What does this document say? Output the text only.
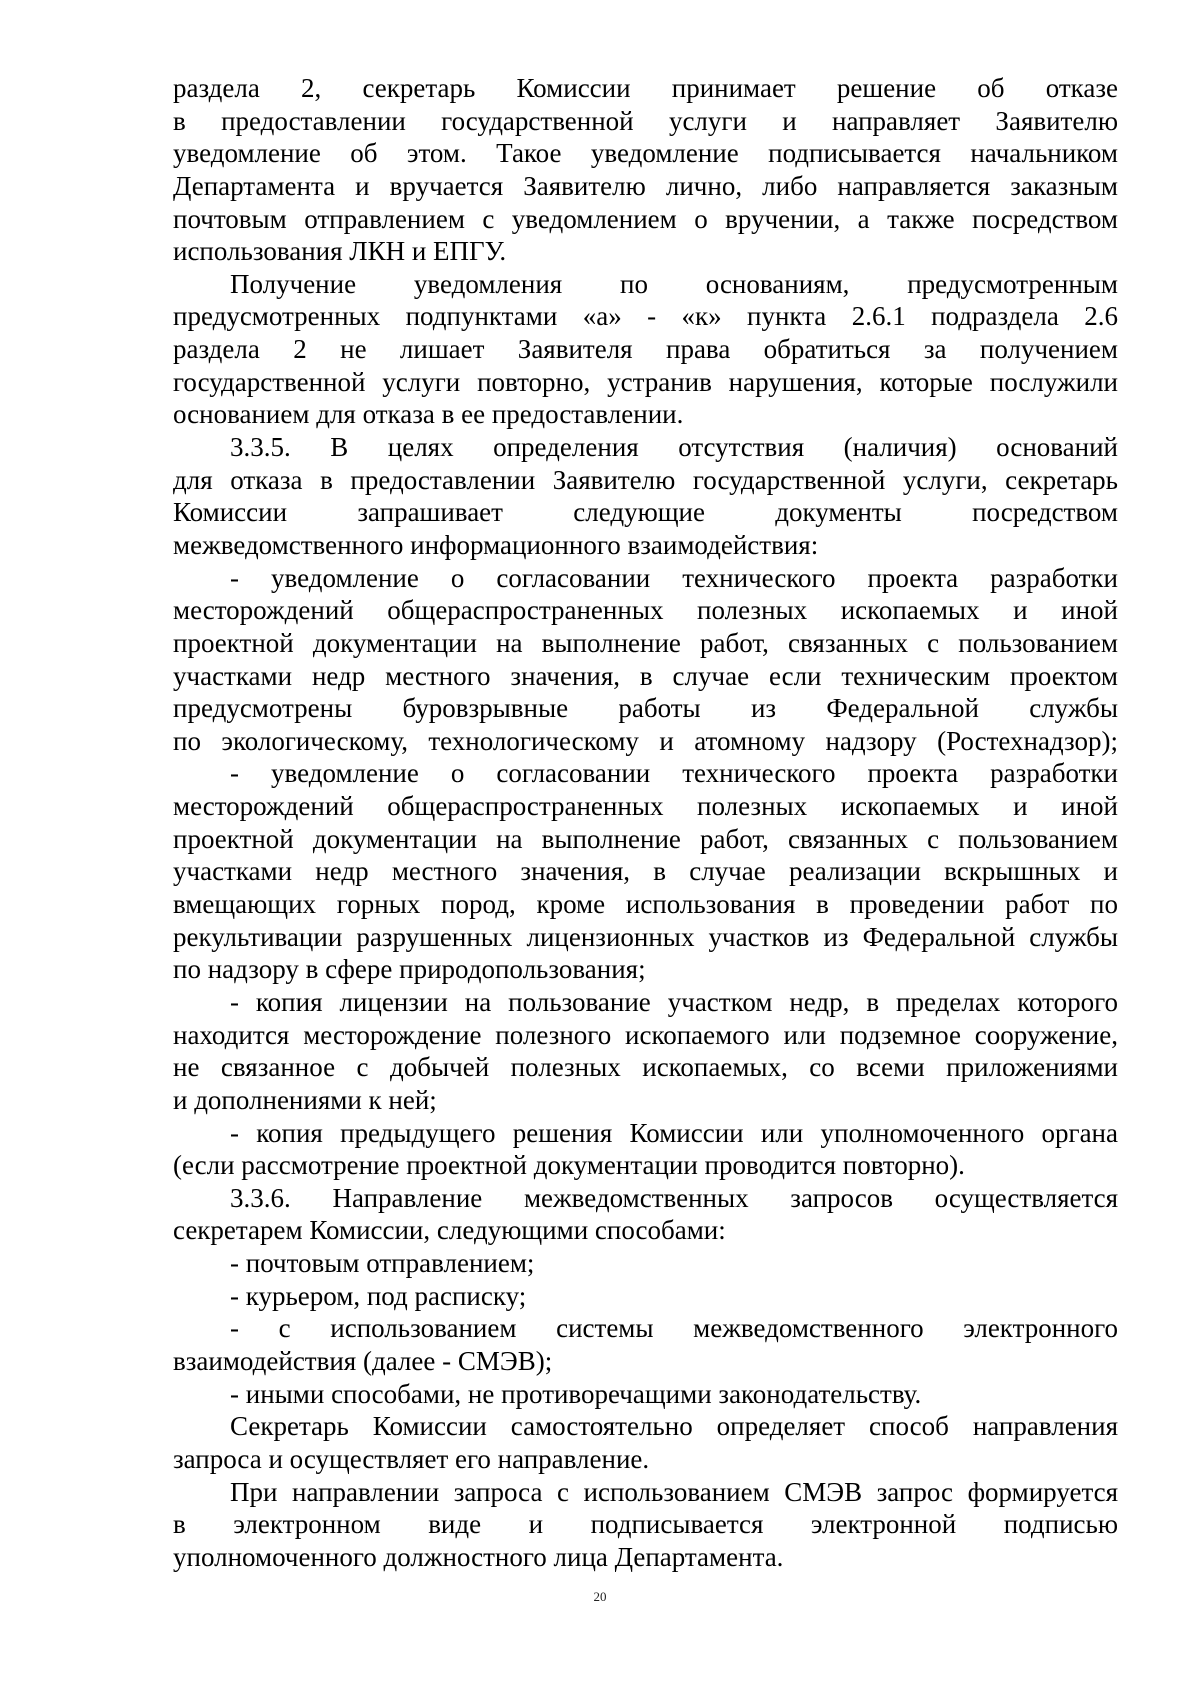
раздела 2, секретарь Комиссии принимает решение об отказе
в предоставлении государственной услуги и направляет Заявителю
уведомление об этом. Такое уведомление подписывается начальником
Департамента и вручается Заявителю лично, либо направляется заказным
почтовым отправлением с уведомлением о вручении, а также посредством
использования ЛКН и ЕПГУ.
Получение уведомления по основаниям, предусмотренным
предусмотренных подпунктами «а» - «к» пункта 2.6.1 подраздела 2.6
раздела 2 не лишает Заявителя права обратиться за получением
государственной услуги повторно, устранив нарушения, которые послужили
основанием для отказа в ее предоставлении.
3.3.5. В целях определения отсутствия (наличия) оснований
для отказа в предоставлении Заявителю государственной услуги, секретарь
Комиссии запрашивает следующие документы посредством
межведомственного информационного взаимодействия:
- уведомление о согласовании технического проекта разработки
месторождений общераспространенных полезных ископаемых и иной
проектной документации на выполнение работ, связанных с пользованием
участками недр местного значения, в случае если техническим проектом
предусмотрены буровзрывные работы из Федеральной службы
по экологическому, технологическому и атомному надзору (Ростехнадзор);
- уведомление о согласовании технического проекта разработки
месторождений общераспространенных полезных ископаемых и иной
проектной документации на выполнение работ, связанных с пользованием
участками недр местного значения, в случае реализации вскрышных и
вмещающих горных пород, кроме использования в проведении работ по
рекультивации разрушенных лицензионных участков из Федеральной службы
по надзору в сфере природопользования;
- копия лицензии на пользование участком недр, в пределах которого
находится месторождение полезного ископаемого или подземное сооружение,
не связанное с добычей полезных ископаемых, со всеми приложениями
и дополнениями к ней;
- копия предыдущего решения Комиссии или уполномоченного органа
(если рассмотрение проектной документации проводится повторно).
3.3.6. Направление межведомственных запросов осуществляется
секретарем Комиссии, следующими способами:
- почтовым отправлением;
- курьером, под расписку;
- с использованием системы межведомственного электронного
взаимодействия (далее - СМЭВ);
- иными способами, не противоречащими законодательству.
Секретарь Комиссии самостоятельно определяет способ направления
запроса и осуществляет его направление.
При направлении запроса с использованием СМЭВ запрос формируется
в электронном виде и подписывается электронной подписью
уполномоченного должностного лица Департамента.
20
